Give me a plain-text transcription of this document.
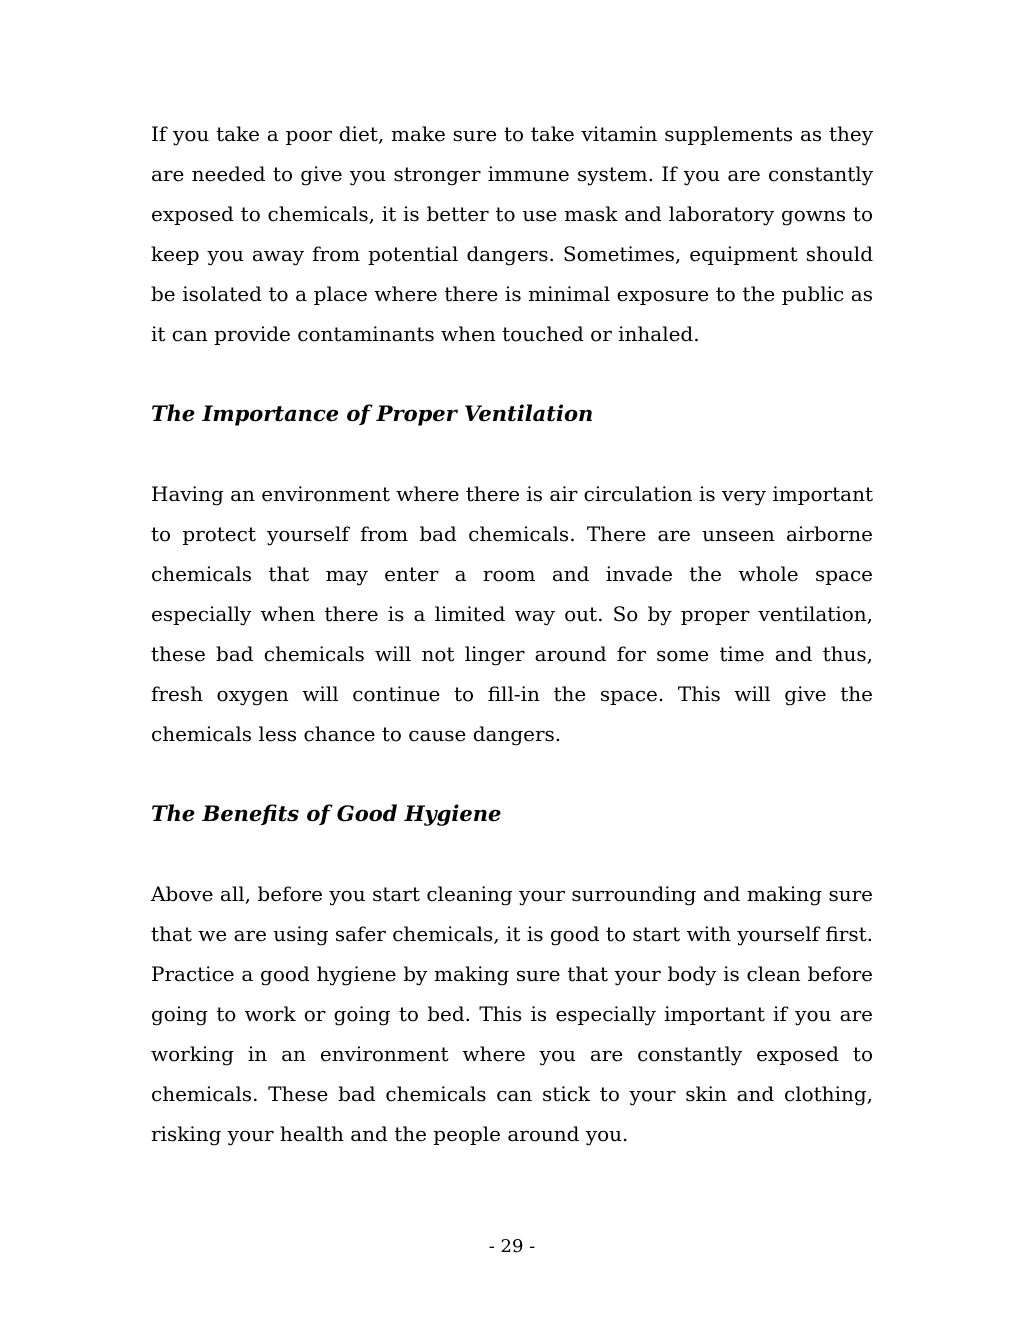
If you take a poor diet, make sure to take vitamin supplements as they are needed to give you stronger immune system. If you are constantly exposed to chemicals, it is better to use mask and laboratory gowns to keep you away from potential dangers. Sometimes, equipment should be isolated to a place where there is minimal exposure to the public as it can provide contaminants when touched or inhaled.

The Importance of Proper Ventilation

Having an environment where there is air circulation is very important to protect yourself from bad chemicals. There are unseen airborne chemicals that may enter a room and invade the whole space especially when there is a limited way out. So by proper ventilation, these bad chemicals will not linger around for some time and thus, fresh oxygen will continue to fill-in the space. This will give the chemicals less chance to cause dangers.

The Benefits of Good Hygiene

Above all, before you start cleaning your surrounding and making sure that we are using safer chemicals, it is good to start with yourself first. Practice a good hygiene by making sure that your body is clean before going to work or going to bed. This is especially important if you are working in an environment where you are constantly exposed to chemicals. These bad chemicals can stick to your skin and clothing, risking your health and the people around you.

- 29 -
